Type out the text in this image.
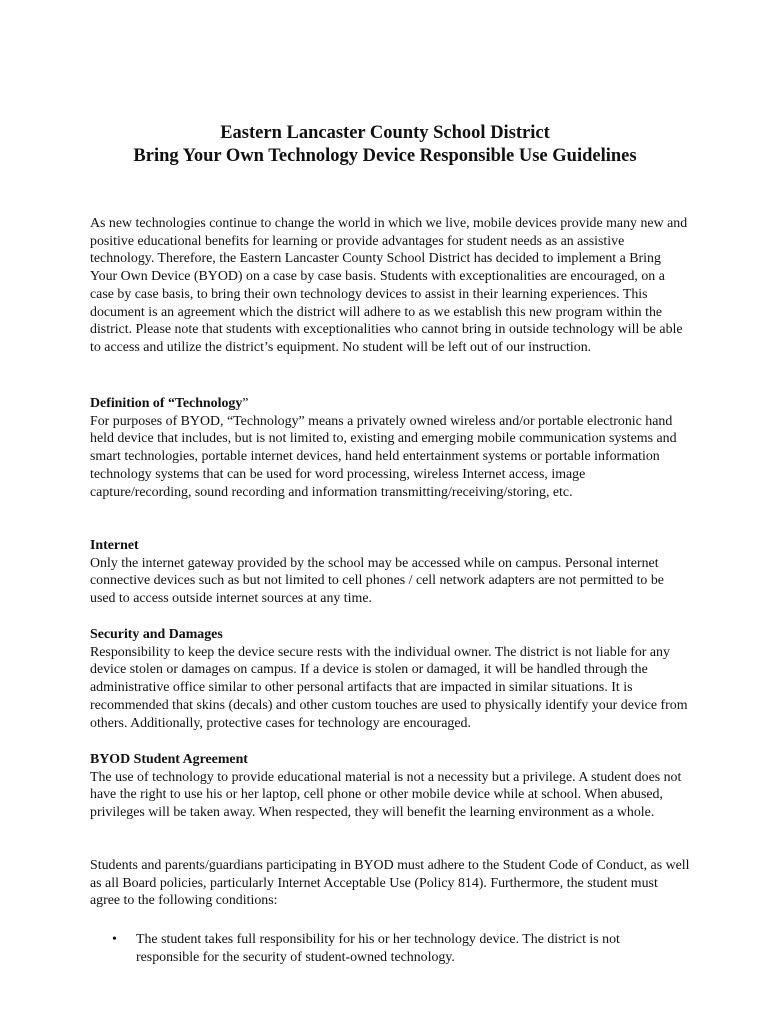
Eastern Lancaster County School District
Bring Your Own Technology Device Responsible Use Guidelines

As new technologies continue to change the world in which we live, mobile devices provide many new and positive educational benefits for learning or provide advantages for student needs as an assistive technology. Therefore, the Eastern Lancaster County School District has decided to implement a Bring Your Own Device (BYOD) on a case by case basis. Students with exceptionalities are encouraged, on a case by case basis, to bring their own technology devices to assist in their learning experiences. This document is an agreement which the district will adhere to as we establish this new program within the district. Please note that students with exceptionalities who cannot bring in outside technology will be able to access and utilize the district’s equipment. No student will be left out of our instruction.

Definition of “Technology”

For purposes of BYOD, “Technology” means a privately owned wireless and/or portable electronic hand held device that includes, but is not limited to, existing and emerging mobile communication systems and smart technologies, portable internet devices, hand held entertainment systems or portable information technology systems that can be used for word processing, wireless Internet access, image capture/recording, sound recording and information transmitting/receiving/storing, etc.

Internet

Only the internet gateway provided by the school may be accessed while on campus. Personal internet connective devices such as but not limited to cell phones / cell network adapters are not permitted to be used to access outside internet sources at any time.

Security and Damages

Responsibility to keep the device secure rests with the individual owner. The district is not liable for any device stolen or damages on campus. If a device is stolen or damaged, it will be handled through the administrative office similar to other personal artifacts that are impacted in similar situations. It is recommended that skins (decals) and other custom touches are used to physically identify your device from others. Additionally, protective cases for technology are encouraged.

BYOD Student Agreement

The use of technology to provide educational material is not a necessity but a privilege. A student does not have the right to use his or her laptop, cell phone or other mobile device while at school. When abused, privileges will be taken away. When respected, they will benefit the learning environment as a whole.

Students and parents/guardians participating in BYOD must adhere to the Student Code of Conduct, as well as all Board policies, particularly Internet Acceptable Use (Policy 814). Furthermore, the student must agree to the following conditions:

• The student takes full responsibility for his or her technology device. The district is not responsible for the security of student-owned technology.
